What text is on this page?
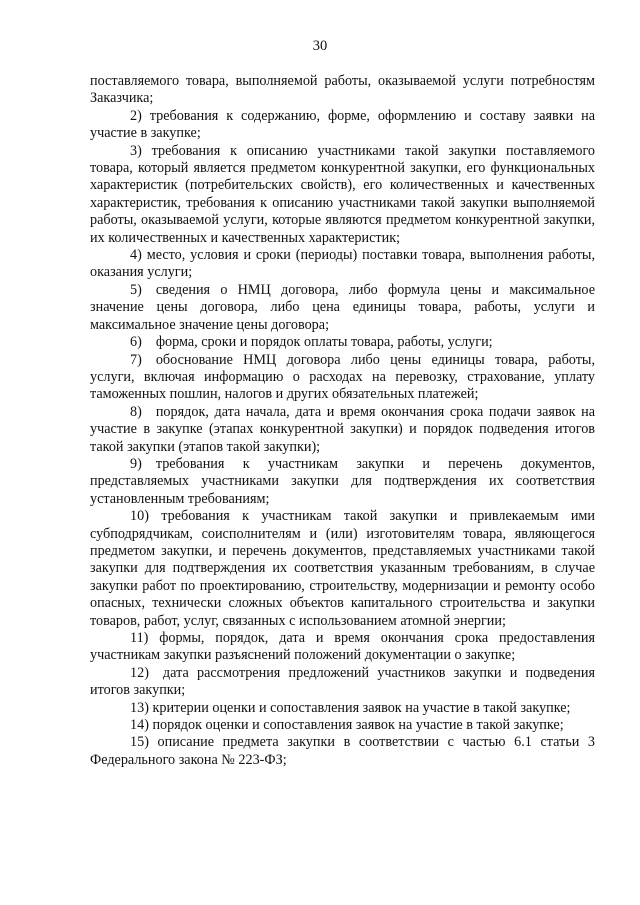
30

поставляемого товара, выполняемой работы, оказываемой услуги потребностям Заказчика;

2) требования к содержанию, форме, оформлению и составу заявки на участие в закупке;

3) требования к описанию участниками такой закупки поставляемого товара, который является предметом конкурентной закупки, его функциональных характеристик (потребительских свойств), его количественных и качественных характеристик, требования к описанию участниками такой закупки выполняемой работы, оказываемой услуги, которые являются предметом конкурентной закупки, их количественных и качественных характеристик;

4) место, условия и сроки (периоды) поставки товара, выполнения работы, оказания услуги;

5) сведения о НМЦ договора, либо формула цены и максимальное значение цены договора, либо цена единицы товара, работы, услуги и максимальное значение цены договора;

6) форма, сроки и порядок оплаты товара, работы, услуги;

7) обоснование НМЦ договора либо цены единицы товара, работы, услуги, включая информацию о расходах на перевозку, страхование, уплату таможенных пошлин, налогов и других обязательных платежей;

8) порядок, дата начала, дата и время окончания срока подачи заявок на участие в закупке (этапах конкурентной закупки) и порядок подведения итогов такой закупки (этапов такой закупки);

9) требования к участникам закупки и перечень документов, представляемых участниками закупки для подтверждения их соответствия установленным требованиям;

10) требования к участникам такой закупки и привлекаемым ими субподрядчикам, соисполнителям и (или) изготовителям товара, являющегося предметом закупки, и перечень документов, представляемых участниками такой закупки для подтверждения их соответствия указанным требованиям, в случае закупки работ по проектированию, строительству, модернизации и ремонту особо опасных, технически сложных объектов капитального строительства и закупки товаров, работ, услуг, связанных с использованием атомной энергии;

11) формы, порядок, дата и время окончания срока предоставления участникам закупки разъяснений положений документации о закупке;

12) дата рассмотрения предложений участников закупки и подведения итогов закупки;

13) критерии оценки и сопоставления заявок на участие в такой закупке;

14) порядок оценки и сопоставления заявок на участие в такой закупке;

15) описание предмета закупки в соответствии с частью 6.1 статьи 3 Федерального закона № 223-ФЗ;
